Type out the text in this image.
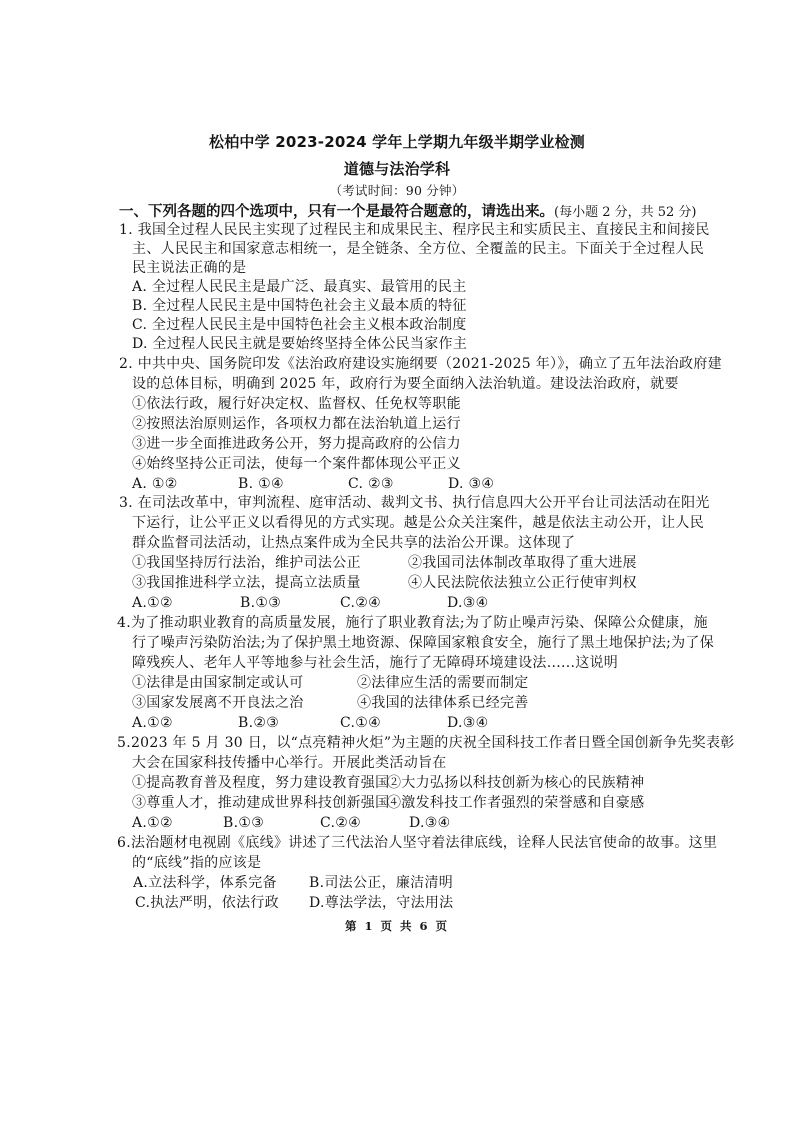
松柏中学 2023-2024 学年上学期九年级半期学业检测
道德与法治学科
（考试时间：90 分钟）
一、下列各题的四个选项中，只有一个是最符合题意的，请选出来。(每小题 2 分，共 52 分)
1. 我国全过程人民民主实现了过程民主和成果民主、程序民主和实质民主、直接民主和间接民
主、人民民主和国家意志相统一，是全链条、全方位、全覆盖的民主。下面关于全过程人民
民主说法正确的是
A. 全过程人民民主是最广泛、最真实、最管用的民主
B. 全过程人民民主是中国特色社会主义最本质的特征
C. 全过程人民民主是中国特色社会主义根本政治制度
D. 全过程人民民主就是要始终坚持全体公民当家作主
2. 中共中央、国务院印发《法治政府建设实施纲要（2021-2025 年）》，确立了五年法治政府建
设的总体目标，明确到 2025 年，政府行为要全面纳入法治轨道。建设法治政府，就要
①依法行政，履行好决定权、监督权、任免权等职能
②按照法治原则运作，各项权力都在法治轨道上运行
③进一步全面推进政务公开，努力提高政府的公信力
④始终坚持公正司法，使每一个案件都体现公平正义
A. ①②	B. ①④	C. ②③	D. ③④
3. 在司法改革中，审判流程、庭审活动、裁判文书、执行信息四大公开平台让司法活动在阳光
下运行，让公平正义以看得见的方式实现。越是公众关注案件，越是依法主动公开，让人民
群众监督司法活动，让热点案件成为全民共享的法治公开课。这体现了
①我国坚持厉行法治，维护司法公正	②我国司法体制改革取得了重大进展
③我国推进科学立法，提高立法质量	④人民法院依法独立公正行使审判权
A.①②	B.①③	C.②④	D.③④
4.为了推动职业教育的高质量发展，施行了职业教育法;为了防止噪声污染、保障公众健康，施
行了噪声污染防治法;为了保护黑土地资源、保障国家粮食安全，施行了黑土地保护法;为了保
障残疾人、老年人平等地参与社会生活，施行了无障碍环境建设法......这说明
①法律是由国家制定或认可	②法律应生活的需要而制定
③国家发展离不开良法之治	④我国的法律体系已经完善
A.①②	B.②③	C.①④	D.③④
5.2023 年 5 月 30 日，以“点亮精神火炬”为主题的庆祝全国科技工作者日暨全国创新争先奖表彰
大会在国家科技传播中心举行。开展此类活动旨在
①提高教育普及程度，努力建设教育强国
②大力弘扬以科技创新为核心的民族精神
③尊重人才，推动建成世界科技创新强国
④激发科技工作者强烈的荣誉感和自豪感
A.①②	B.①③	C.②④	D.③④
6.法治题材电视剧《底线》讲述了三代法治人坚守着法律底线，诠释人民法官使命的故事。这里
的“底线”指的应该是
A.立法科学，体系完备 B.司法公正，廉洁清明
C.执法严明，依法行政 D.尊法学法，守法用法
第 1 页 共 6 页
